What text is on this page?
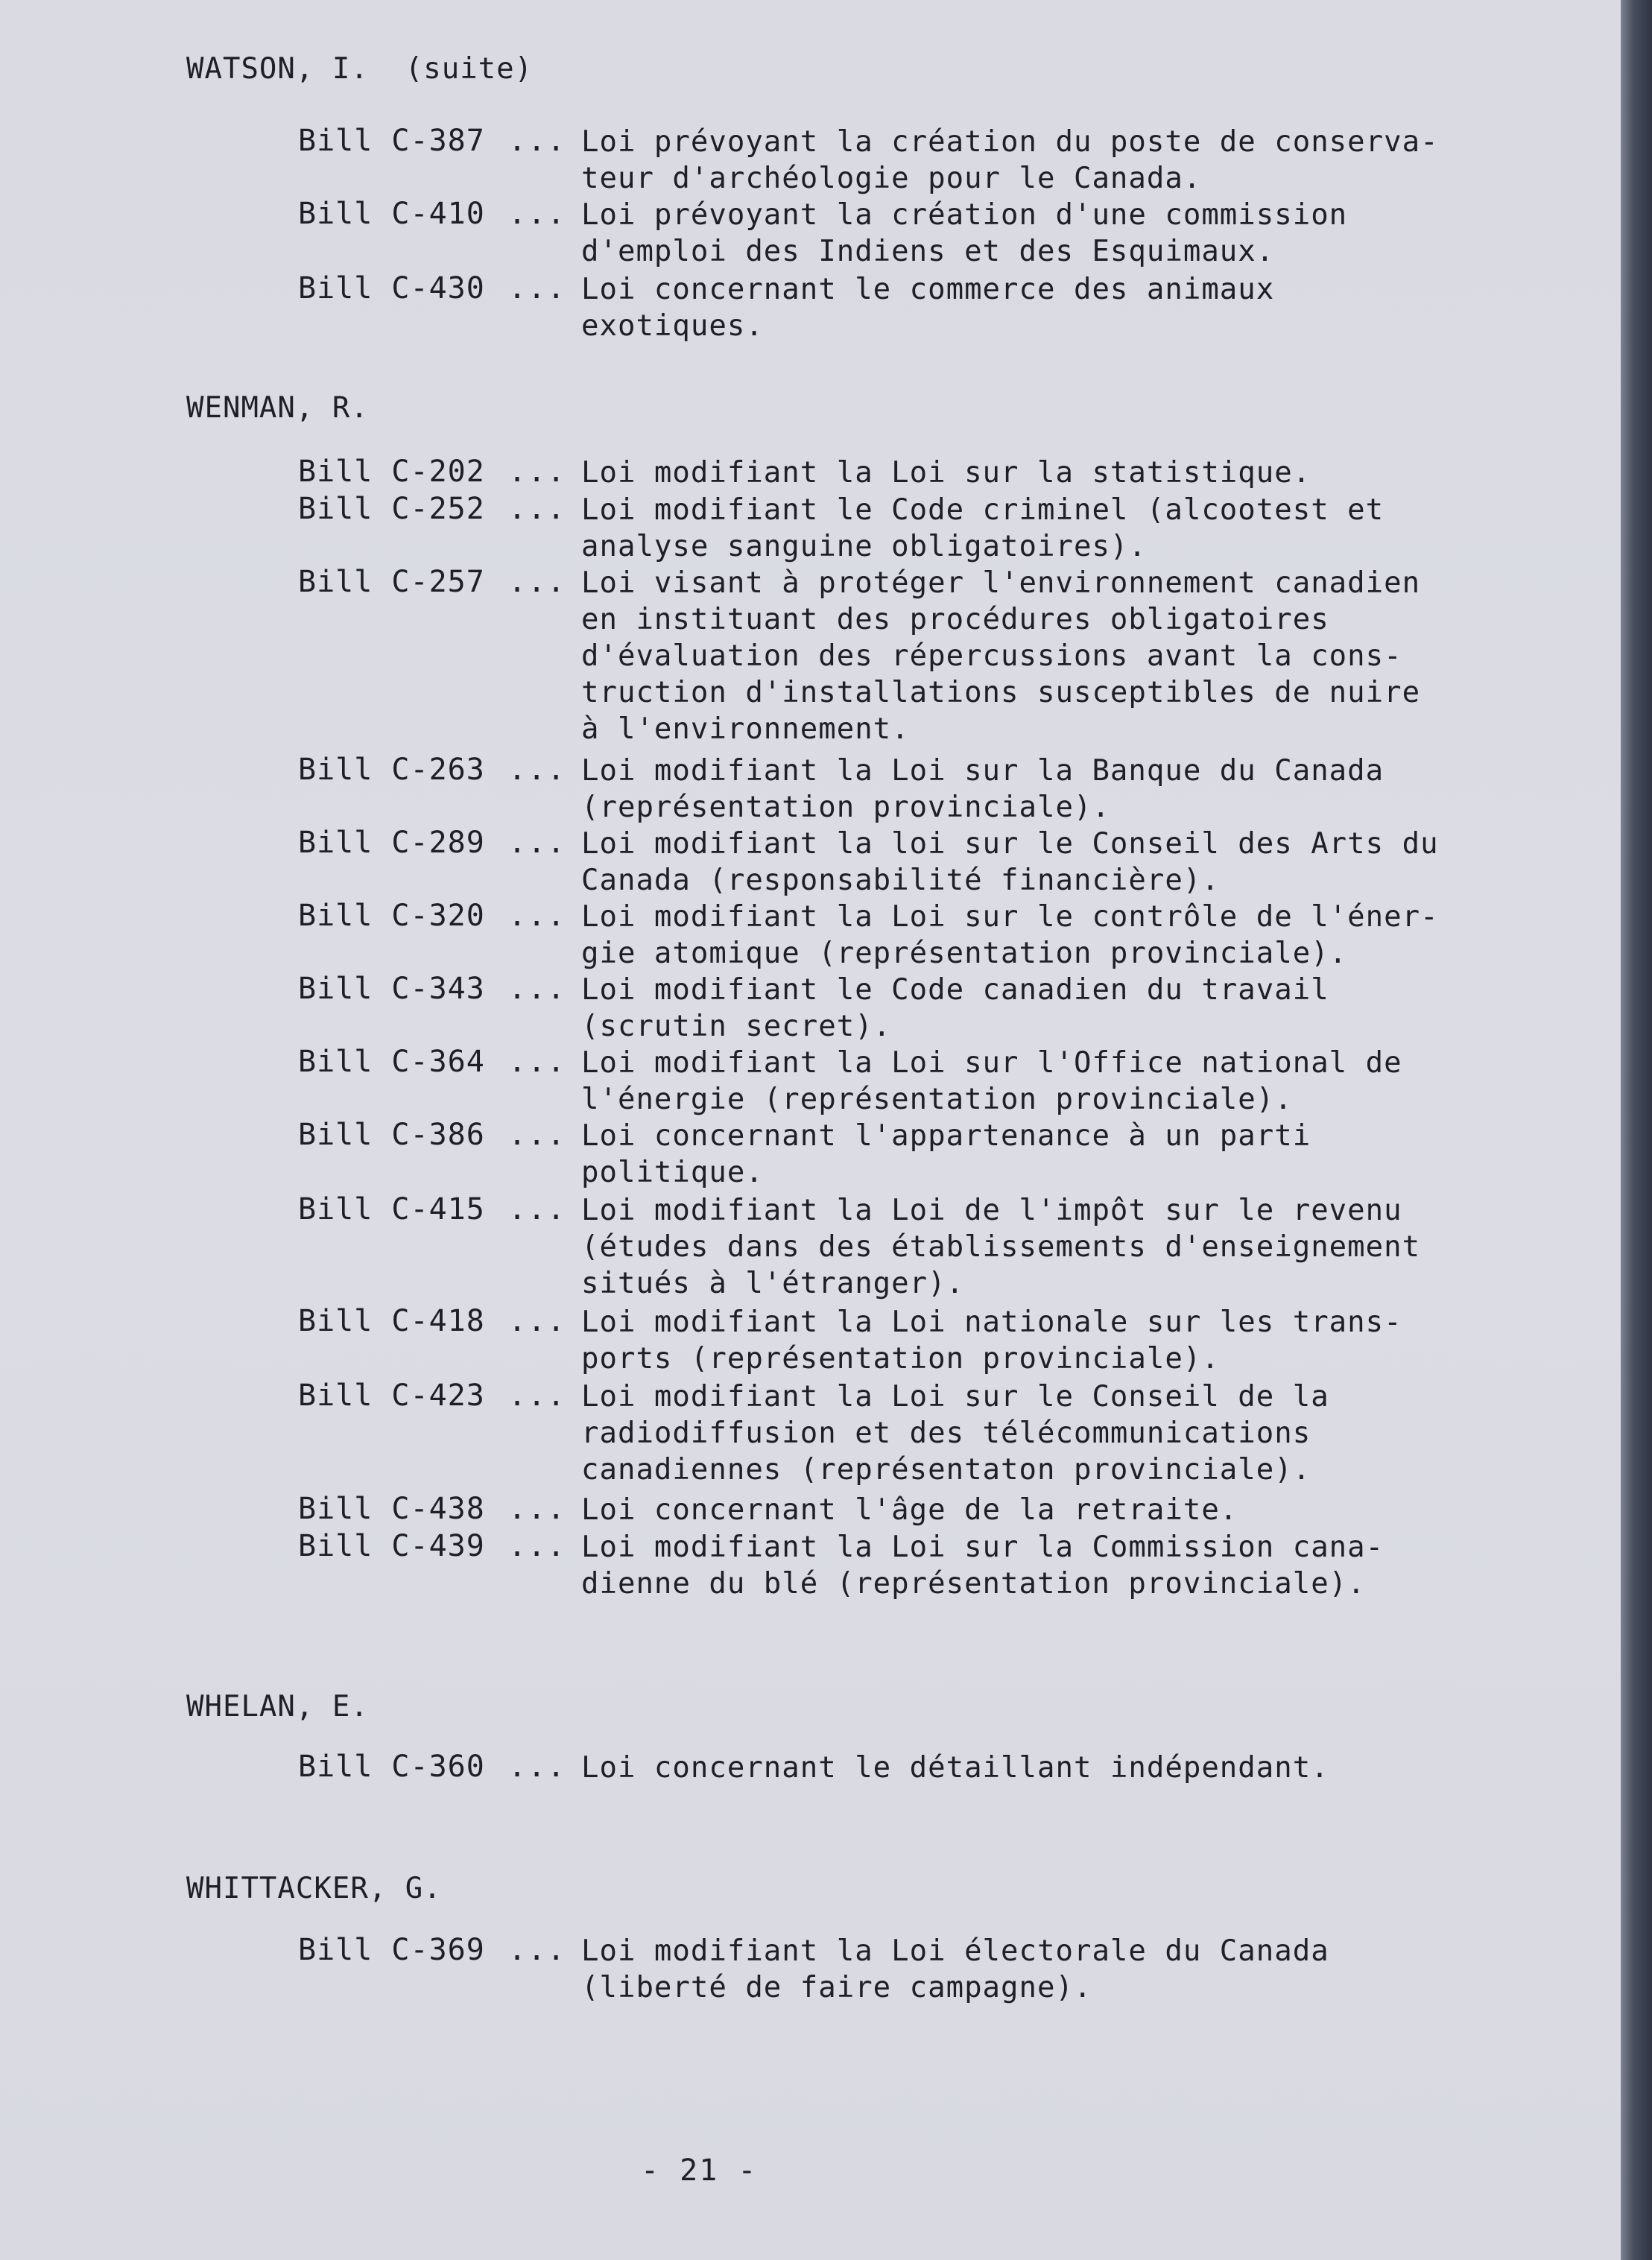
WATSON, I.  (suite)
Bill C-387 ... Loi prévoyant la création du poste de conserva-
teur d'archéologie pour le Canada.
Bill C-410 ... Loi prévoyant la création d'une commission
d'emploi des Indiens et des Esquimaux.
Bill C-430 ... Loi concernant le commerce des animaux
exotiques.
WENMAN, R.
Bill C-202 ... Loi modifiant la Loi sur la statistique.
Bill C-252 ... Loi modifiant le Code criminel (alcootest et
analyse sanguine obligatoires).
Bill C-257 ... Loi visant à protéger l'environnement canadien
en instituant des procédures obligatoires
d'évaluation des répercussions avant la cons-
truction d'installations susceptibles de nuire
à l'environnement.
Bill C-263 ... Loi modifiant la Loi sur la Banque du Canada
(représentation provinciale).
Bill C-289 ... Loi modifiant la loi sur le Conseil des Arts du
Canada (responsabilité financière).
Bill C-320 ... Loi modifiant la Loi sur le contrôle de l'éner-
gie atomique (représentation provinciale).
Bill C-343 ... Loi modifiant le Code canadien du travail
(scrutin secret).
Bill C-364 ... Loi modifiant la Loi sur l'Office national de
l'énergie (représentation provinciale).
Bill C-386 ... Loi concernant l'appartenance à un parti
politique.
Bill C-415 ... Loi modifiant la Loi de l'impôt sur le revenu
(études dans des établissements d'enseignement
situés à l'étranger).
Bill C-418 ... Loi modifiant la Loi nationale sur les trans-
ports (représentation provinciale).
Bill C-423 ... Loi modifiant la Loi sur le Conseil de la
radiodiffusion et des télécommunications
canadiennes (représentaton provinciale).
Bill C-438 ... Loi concernant l'âge de la retraite.
Bill C-439 ... Loi modifiant la Loi sur la Commission cana-
dienne du blé (représentation provinciale).
WHELAN, E.
Bill C-360 ... Loi concernant le détaillant indépendant.
WHITTACKER, G.
Bill C-369 ... Loi modifiant la Loi électorale du Canada
(liberté de faire campagne).
- 21 -
